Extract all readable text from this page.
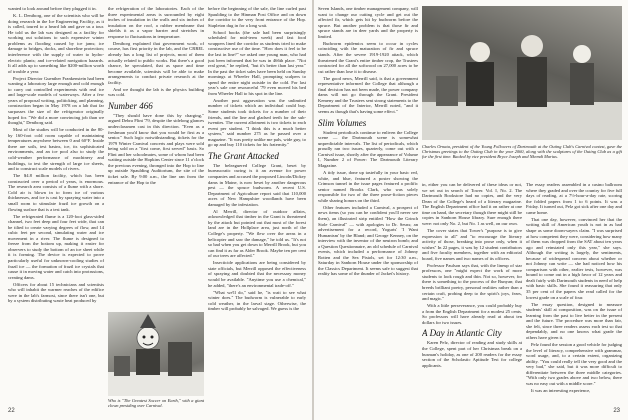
wanted to look around before they plugged it in.

K. L. Deniborg, one of the scientists who will be doing research in the Ice Engineering Facility, as it is called, toured to a heard lab and gave us a tour. He told us the lab was designed as a facility for working out solutions to such expensive winter problems as flooding caused by ice jams; ice damage to bridges, docks, and shoreline protection; interference with the supply of water to hydro-electric plants; and ice-related navigation hazards. It all adds up to something like $200-million worth of trouble a year.

Project Director Guenther Frankenstein had been wanting a laboratory large enough and cold enough to carry out controlled experiments with real ice and large-scale models of waterways. After a few years of proposal writing, politicking, and planning, construction began in May 1978 on a lab that far surpasses the size of the refrigerator originally hoped for. "We did a more convincing job than we thought," Deniborg said.

Most of the studies will be conducted in the 80- by 160-foot cold room capable of maintaining temperatures anywhere between 0 and 60°F. Inside there are soils, test basins, ice, its sophisticated environments, and an ice pool also to study the cold-weather performance of machinery and buildings, to test the strength of large ice sheets, and to construct scale models of rivers.

The $4.8 million facility, which has been constructed over a period of years, is enormous. The research area consists of a flume with a shore. Cold air is blown in to form ice of various thicknesses, and ice is cast by spraying water into a small room to stimulate frazil ice growth on a flowing surface that is a test tank.

The refrigerated flume is a 120-foot glass-sided channel, two feet deep and four feet wide, that can be tilted to create varying degrees of flow, and 14 cubic feet per second, simulating water and ice movement in a river. The flume is designed to freeze from the bottom up, making it easier for observers to study the bottom of an ice sheet while it is forming. The device is expected to prove particularly useful for unknown-cooling studies of frazil ice — the formation of frazil ice crystals that cause it in moving water and catch into protrusions, creating dams.

Officers for about 15 technicians and scientists who will inhabit the warmer reaches of the edifice were in the lab's farmost, since there isn't one, but by a system distributing waste heat produced by

the refrigeration of the laboratories. Each of the three experimental areas is surrounded by eight inches of insulation in the walls and six inches of insulation on the roof, a rubber membrane that shields it as a vapor barrier and stretches in response to fluctuations in temperature.

Deniborg explained that government work, of course, has first priority in the lab, and the CRREL already has a long list of projects, most of them actually related to public works. But there's a good chance, he speculated, that as space and time become available, scientists will be able to make arrangements to conduct private research at the facility.

And we thought the lab is the physics building was cold.

Number 466

"They should have done this by charging," argued Debra Flint '79, despite the sidelong glances underclassmen cast in this direction. "Even as a freshman you'd know that you would be first as a senior." Such logic notwithstanding, tickets for the 1979 Winter Carnival concerts and plays were sold being sold on a "first come, first served" basis. So Flint and her schoolmates, some of whom had been waiting outside the Hopkins Center since 11 o'clock the previous evening, thronged into the Hop to line up outside Spaulding Auditorium, the site of the ticket sale. By 9:00 a.m., the line ran from the entrance of the Hop to the

Who is "The Greatest Soccer on Earth," with a giant clown presiding over Carnival.

before the beginning of the sale, the line curled past Spaulding to the Hinman Post Office and on down the corridor to the very front entrance of the Hop. Stapleton dug in for a long wait.

School books (the sale had been surprisingly scheduled for mid-term week) and fast food wrappers lined the corridor as students tried to make constructive use of the time. "How does it feel to be the last in line?" we asked one young man, who had just been informed that he was in 466th place. "Not real great," he replied, "but it's better than last year." In the past the ticket sales have been held on Sunday mornings at Wheeler Hall, prompting scalpers to spend the entire night outside in the cold. For last year's sale one resourceful '79 even moved his bed from Wheeler Hall to his spot in the line.

Another post aggravation was the unlimited number of tickets which an individual could buy. Some students took tickets for a number of their friends, and the line and gladsed teeth for the sub-twenties. The current allotment is two tickets to each event per student. "I think this is a much better system," said number 275 as he passed over a magazine. "It was pretty unlike me pals, wide guy, to go up and buy 110 tickets for his fraternity."

The Grant Attacked

The beleaguered College Grant, beset by bureaucratic curing is it an avenue for power companies and accused the proposed Lincoln/Dickey dams in Maine, is now beset by another dangerous pest — the spruce budworm. A recent U.S. Department of Agriculture report said that 110,000 acres of New Hampshire woodlands have been damaged by the infestation.

Al Merrill, director of outdoor affairs, acknowledged that timber in the Grant is threatened by the attack but pointed out that most of the forest land are in the Hollplace area, just north of the College's property. "We flew over the areas in a helicopter and saw the damage," he told us. "It's not so bad when you get down to Merrill Brook, but you can find it as far as Alder Brook. Maybe ten per cent of our trees are affected."

Insecticide applications are being considered by state officials, but Merrill opposed the effectiveness of spraying and doubted that the necessary money would be available. "Anytime you use a chemical," he added, "there's an environmental trade-off."

"What we'll do," said he, "is wait to see what winter does." The budworm is vulnerable to early cold weather, in the larval stage. Otherwise, the timber will probably be salvaged. We guess is the

22

Seven Islands, one timber management company, will want to change our cutting cycle and get out the affected fir, which gets hit by budworm before the spruce. But another problem is that those fir and spruce stands are in deer yards and the property is limited.

Budworm epidemics seem to occur in cycles coinciding with the maturation of fir and spruce stands. After the severe 1919-1920 attack, which threatened the Grant's entire timber crop, the Trustees contracted for all the softwood on 27,000 acres to be cut rather than lose it to disease.

The good news, Merrill said, is that a government representative informed the College that although a final decision has not been made, the power company dams will not go through the Grant. President Kemeny and the Trustees sent strong statements to the Department of the Interior, Merrill noted, "and it seems as though that's having some effect."

Slim Volumes

Student periodicals continue to enliven the College scene — the Dartmouth scene is somewhat unpredictable intervals. The list of periodicals, which proudly ran two issues, quarterly, come out with a Carnival issue, shortly after the appearance of Volume I, Number 2 of Power: The Dartmouth Literary Magazine.

A tidy issue, done up tastefully in your basic red, white, and blue, featured a poster showing the Crimson tunnel in the issue pages featured a prolific senior named Brooks Clark, who was solely responsible for two of the three prose-fiction pieces while sharing honors on the third.

Other features included a Carnival, a prospect of news items (so you can be confident you'll never see them), an illustrated strip entitled "How the Grinch Stole Carnival" — with apologies to Dr. Seuss; an advertisement for a record, Yogurts' 'I Want Humanism' by the Bland; and George Kenney, on the interview with the inventor of the neutron bomb; and a Question Questionnaire, an old schedule of Carnival events, which included a performance of Johnny Rotten and the Sex Pistols, set for 12:30 a.m., Saturday in Sanborn House under the sponsorship of the Classics Department. It seems safe to suggest that reality has some of the thunder of Jacket's history.

Charles Ornata, president of the Young Followers of Dartmouth at the Outing Club's Carnival contest, gave the Christmas greetings to the Outing Club in the year 2060, along with the sculptures of the Outing Club as a gift for the first time. Backed by vice president Bryce Joseph and Nkemdi Marius.

in, either you can be delivered of these ideas or not, we set out in search of Tower. Vol. I, No. 2. The Dartmouth Bookstore had no copies, and the very Dean of the College's heard of a literary magazine. The English Department office had it on rather at one time on hand, the secretary though there might still be copies in Sanborn House library. Sure enough there were: not only No. 2, but No. 1 as well, on our own.

The cover states that Tower's "purpose is to give expression to all" and "to encourage the literary activity of those, breaking into prose only, when it wishes" In 22 pages, it was by 12 student contributors and five faculty members, together with an editorial board, five names and two names of its officers.

Professor Paulson says that, with the lineup of star professors, one "might expect the work of more students to look rough and thin. Not so, however, for there is something to the process of the Bunyan; that breeds brilliant poetry, personal realities rather than a certain craft, probing deep to the spirit's joys, fears, and magic."

With a little perseverance, you could probably buy a from the English Department for a modest 25 cents. So professors will have already read at about ten dollars for two issues.

A Day in Atlantic City

Karen Pelz, director of reading and study skills at the College, spent part of her Christmas break on a busman's holiday, as one of 200 readers for the essay section of the Scholastic Aptitude Test for college applicants.

The essay readers assembled in a casino ballroom where they graded and over the country for five full days of reading, at a 7½-hour-a-day rate, scoring the folded papers from 1 to 6 points. It was a Friday. It turned out, Pelz got sick after one day and came home.

That one day, however, convinced her that the writing skill of American youth is not in as bad shape as some doom-sayers claim. "I was surprised at how competent they were, considering how many of them was dropped from the SAT about ten years ago and reinstated only this year," she says. Although the writing is largely, the sentiments, because of widespread concern about whether or not Johnny can write — she had noticed how his comparison with other, earlier tests, however, was bound to come out in a high favor of 12 years and dealt fairly with Dartmouth students in need of help with basic skills. She found it reassuring that only 35 per cent of the papers she read called for the lowest grade on a scale of four.

The essay question, designed to measure students' skill at composition, was on the issue of learning from the past to live better in the present and the future. The procedure was more than fair, she felt, since three readers assess each test so that dependably, and no one knows what grade the others have given it.

Pelz found the session a good vehicle for judging the level of literacy, comprehensive with grammar, word usage, and, to a certain extent, organizing ability. "You could really tell the very good and the very bad," she said, but it was more difficult to differentiate between the three middle categories. "With only two grades above and two below, there was no easy out with a middle score."

It was an interesting experience,

23
